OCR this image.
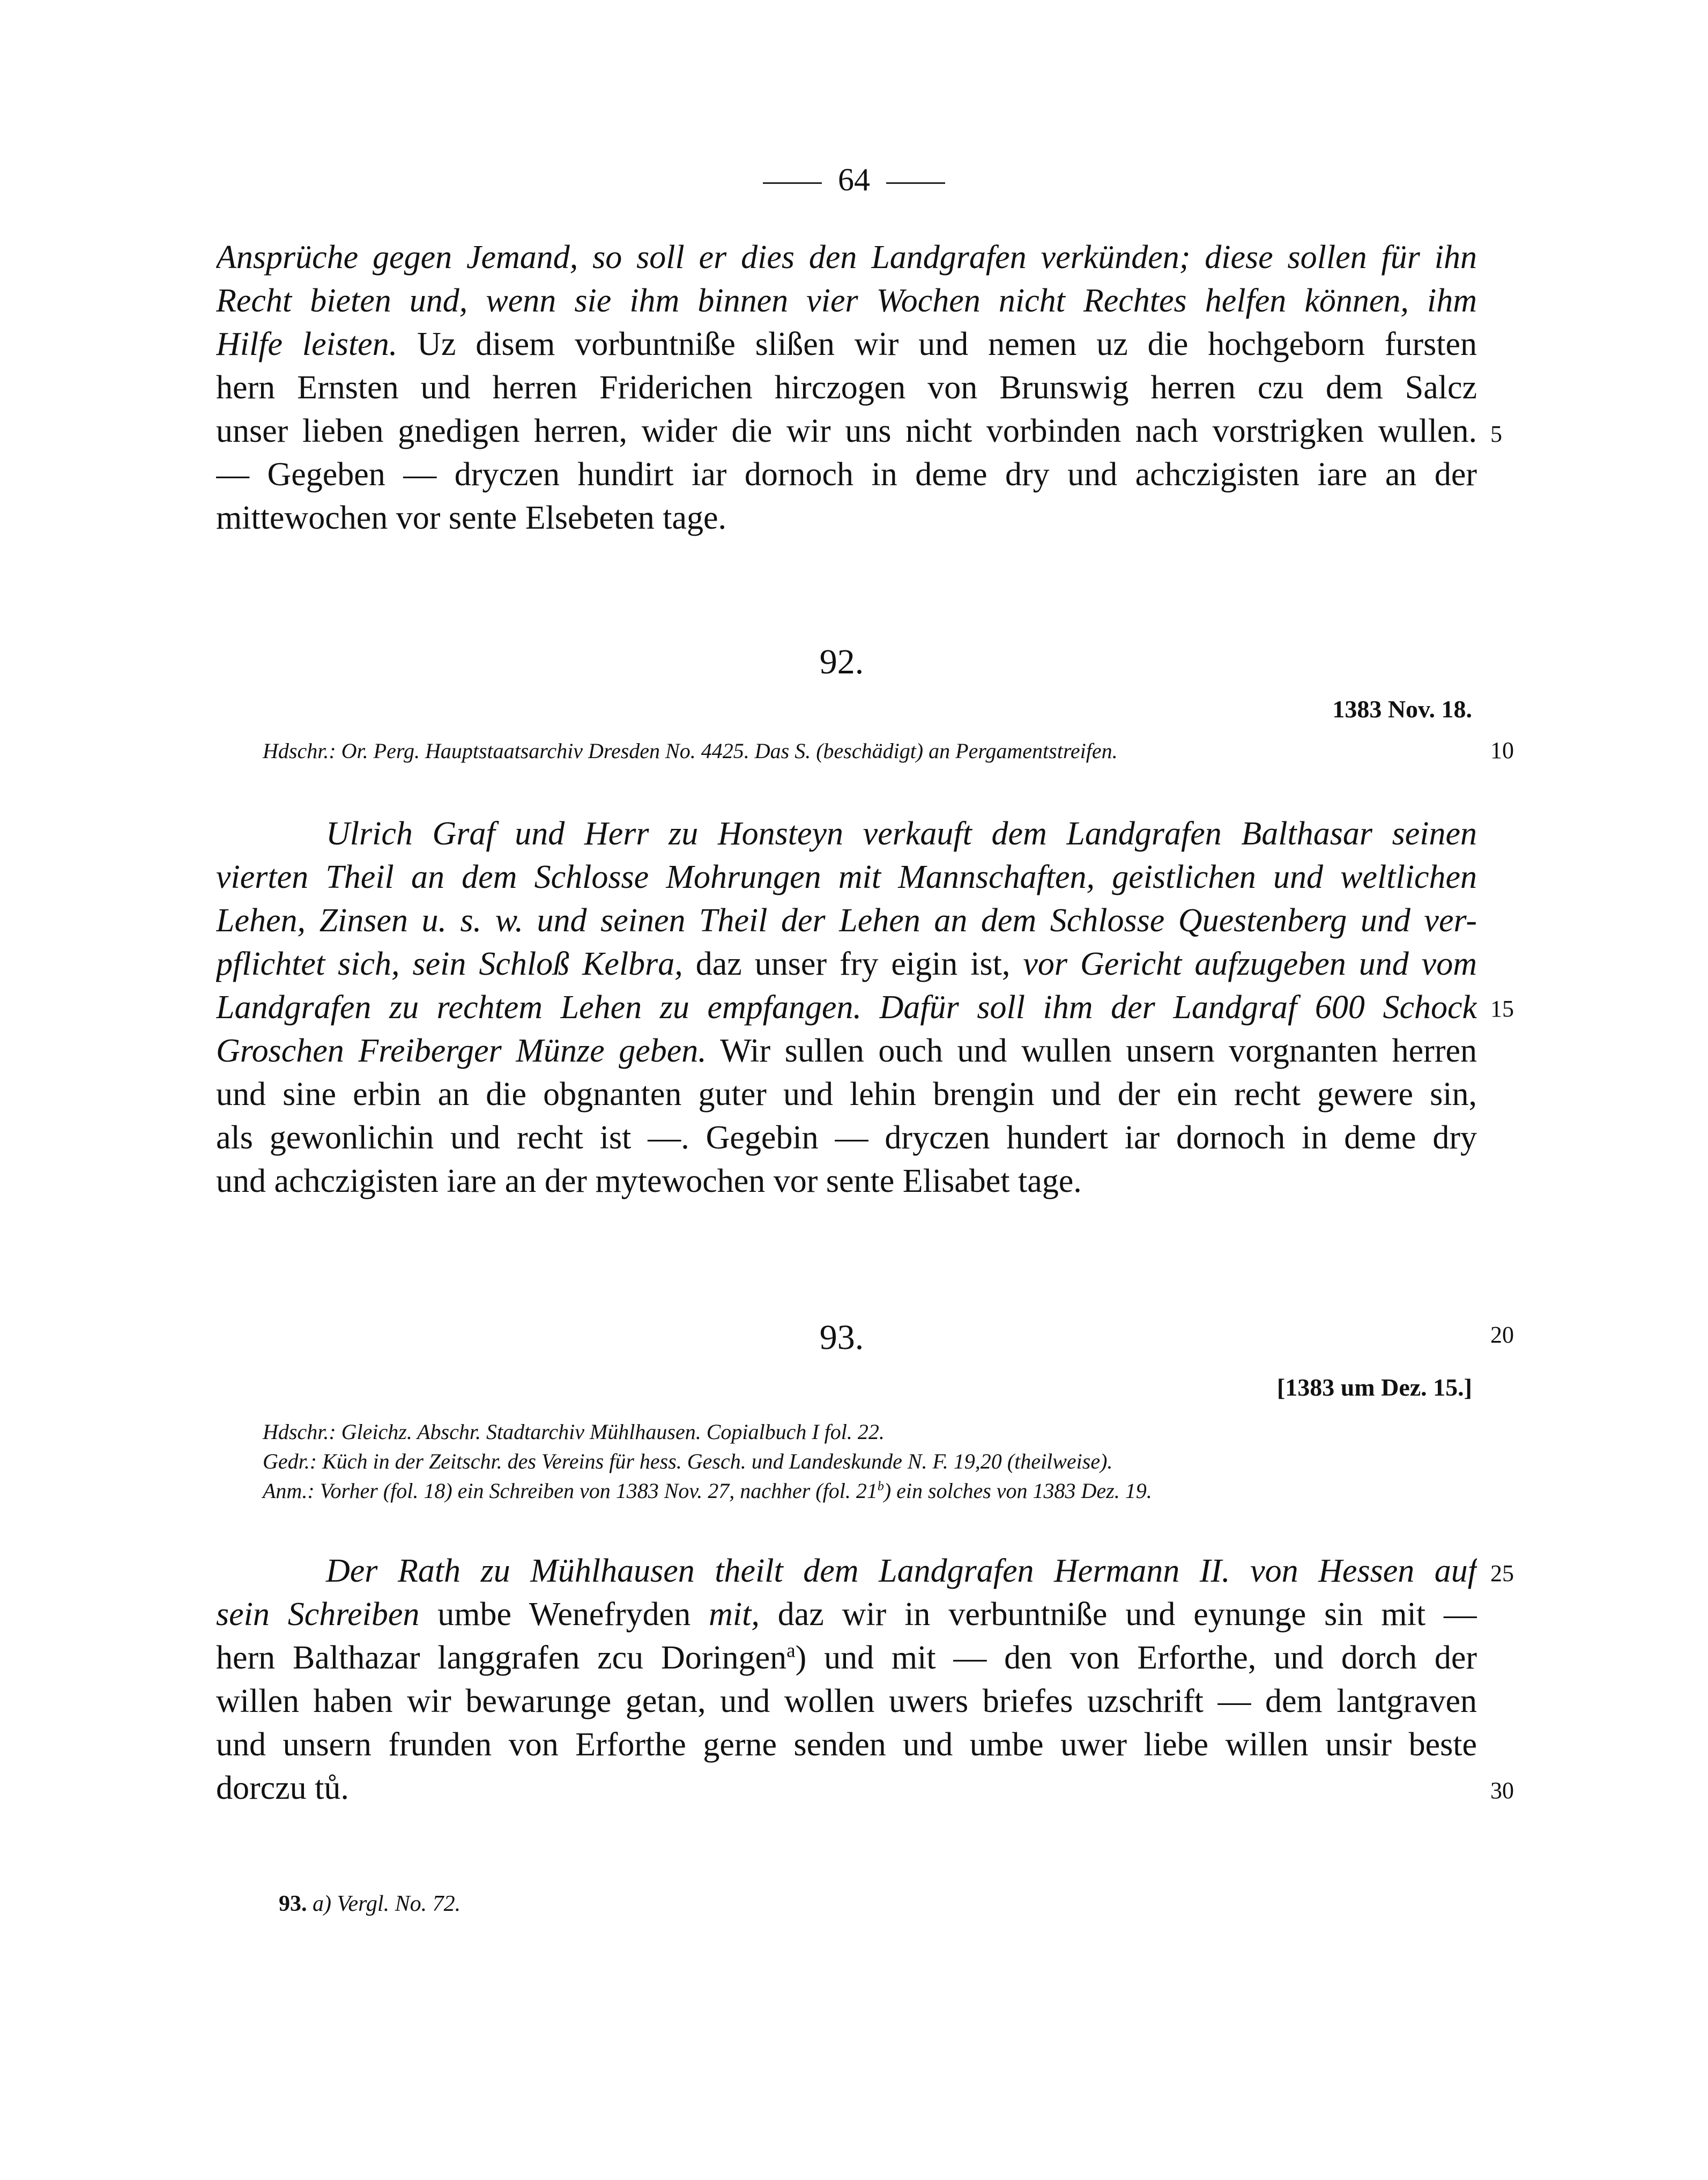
64
Ansprüche gegen Jemand, so soll er dies den Landgrafen verkünden; diese sollen für ihn
Recht bieten und, wenn sie ihm binnen vier Wochen nicht Rechtes helfen können, ihm
Hilfe leisten. Uz disem vorbuntniße slißen wir und nemen uz die hochgeborn fursten
hern Ernsten und herren Friderichen hirczogen von Brunswig herren czu dem Salcz
unser lieben gnedigen herren, wider die wir uns nicht vorbinden nach vorstrigken wullen.
— Gegeben — dryczen hundirt iar dornoch in deme dry und achczigisten iare an der
mittewochen vor sente Elsebeten tage.
92.
1383 Nov. 18.
Hdschr.: Or. Perg. Hauptstaatsarchiv Dresden No. 4425. Das S. (beschädigt) an Pergamentstreifen.
Ulrich Graf und Herr zu Honsteyn verkauft dem Landgrafen Balthasar seinen
vierten Theil an dem Schlosse Mohrungen mit Mannschaften, geistlichen und weltlichen
Lehen, Zinsen u. s. w. und seinen Theil der Lehen an dem Schlosse Questenberg und ver-
pflichtet sich, sein Schloß Kelbra, daz unser fry eigin ist, vor Gericht aufzugeben und vom
Landgrafen zu rechtem Lehen zu empfangen. Dafür soll ihm der Landgraf 600 Schock
Groschen Freiberger Münze geben. Wir sullen ouch und wullen unsern vorgnanten herren
und sine erbin an die obgnanten guter und lehin brengin und der ein recht gewere sin,
als gewonlichin und recht ist —. Gegebin — dryczen hundert iar dornoch in deme dry
und achczigisten iare an der mytewochen vor sente Elisabet tage.
93.
[1383 um Dez. 15.]
Hdschr.: Gleichz. Abschr. Stadtarchiv Mühlhausen. Copialbuch I fol. 22.
Gedr.: Küch in der Zeitschr. des Vereins für hess. Gesch. und Landeskunde N. F. 19,20 (theilweise).
Anm.: Vorher (fol. 18) ein Schreiben von 1383 Nov. 27, nachher (fol. 21$^b$) ein solches von 1383 Dez. 19.
Der Rath zu Mühlhausen theilt dem Landgrafen Hermann II. von Hessen auf
sein Schreiben umbe Wenefryden mit, daz wir in verbuntniße und eynunge sin mit —
hern Balthazar langgrafen zcu Doringen$^a$) und mit — den von Erforthe, und dorch der
willen haben wir bewarunge getan, und wollen uwers briefes uzschrift — dem lantgraven
und unsern frunden von Erforthe gerne senden und umbe uwer liebe willen unsir beste
dorczu tů.
5
10
15
20
25
30
93. a) Vergl. No. 72.
